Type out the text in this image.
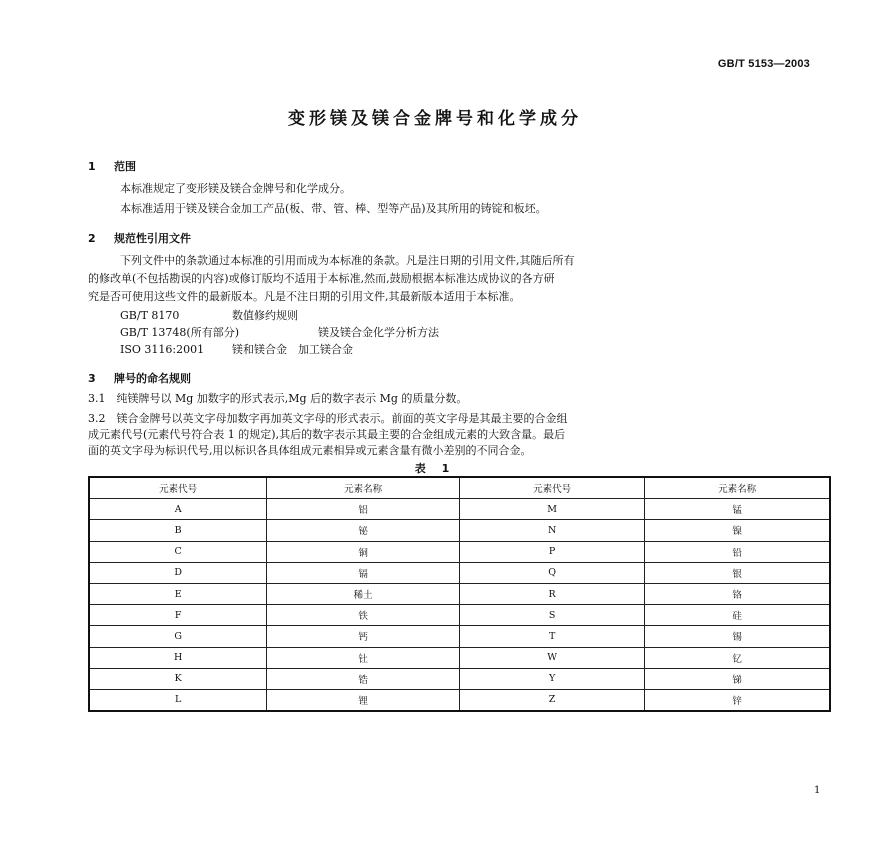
GB/T 5153—2003
变形镁及镁合金牌号和化学成分
1 范围
本标准规定了变形镁及镁合金牌号和化学成分。
本标准适用于镁及镁合金加工产品(板、带、管、棒、型等产品)及其所用的铸锭和板坯。
2 规范性引用文件
下列文件中的条款通过本标准的引用而成为本标准的条款。凡是注日期的引用文件,其随后所有
的修改单(不包括勘误的内容)或修订版均不适用于本标准,然而,鼓励根据本标准达成协议的各方研
究是否可使用这些文件的最新版本。凡是不注日期的引用文件,其最新版本适用于本标准。
GB/T 8170	数值修约规则
GB/T 13748(所有部分)	镁及镁合金化学分析方法
ISO 3116:2001	镁和镁合金　加工镁合金
3 牌号的命名规则
3.1　纯镁牌号以 Mg 加数字的形式表示,Mg 后的数字表示 Mg 的质量分数。
3.2　镁合金牌号以英文字母加数字再加英文字母的形式表示。前面的英文字母是其最主要的合金组
成元素代号(元素代号符合表 1 的规定),其后的数字表示其最主要的合金组成元素的大致含量。最后
面的英文字母为标识代号,用以标识各具体组成元素相异或元素含量有微小差别的不同合金。
表 1
元素代号	元素名称	元素代号	元素名称
A	铝	M	锰
B	铋	N	镍
C	铜	P	铅
D	镉	Q	银
E	稀土	R	铬
F	铁	S	硅
G	钙	T	锡
H	钍	W	钇
K	锆	Y	锑
L	锂	Z	锌
1
